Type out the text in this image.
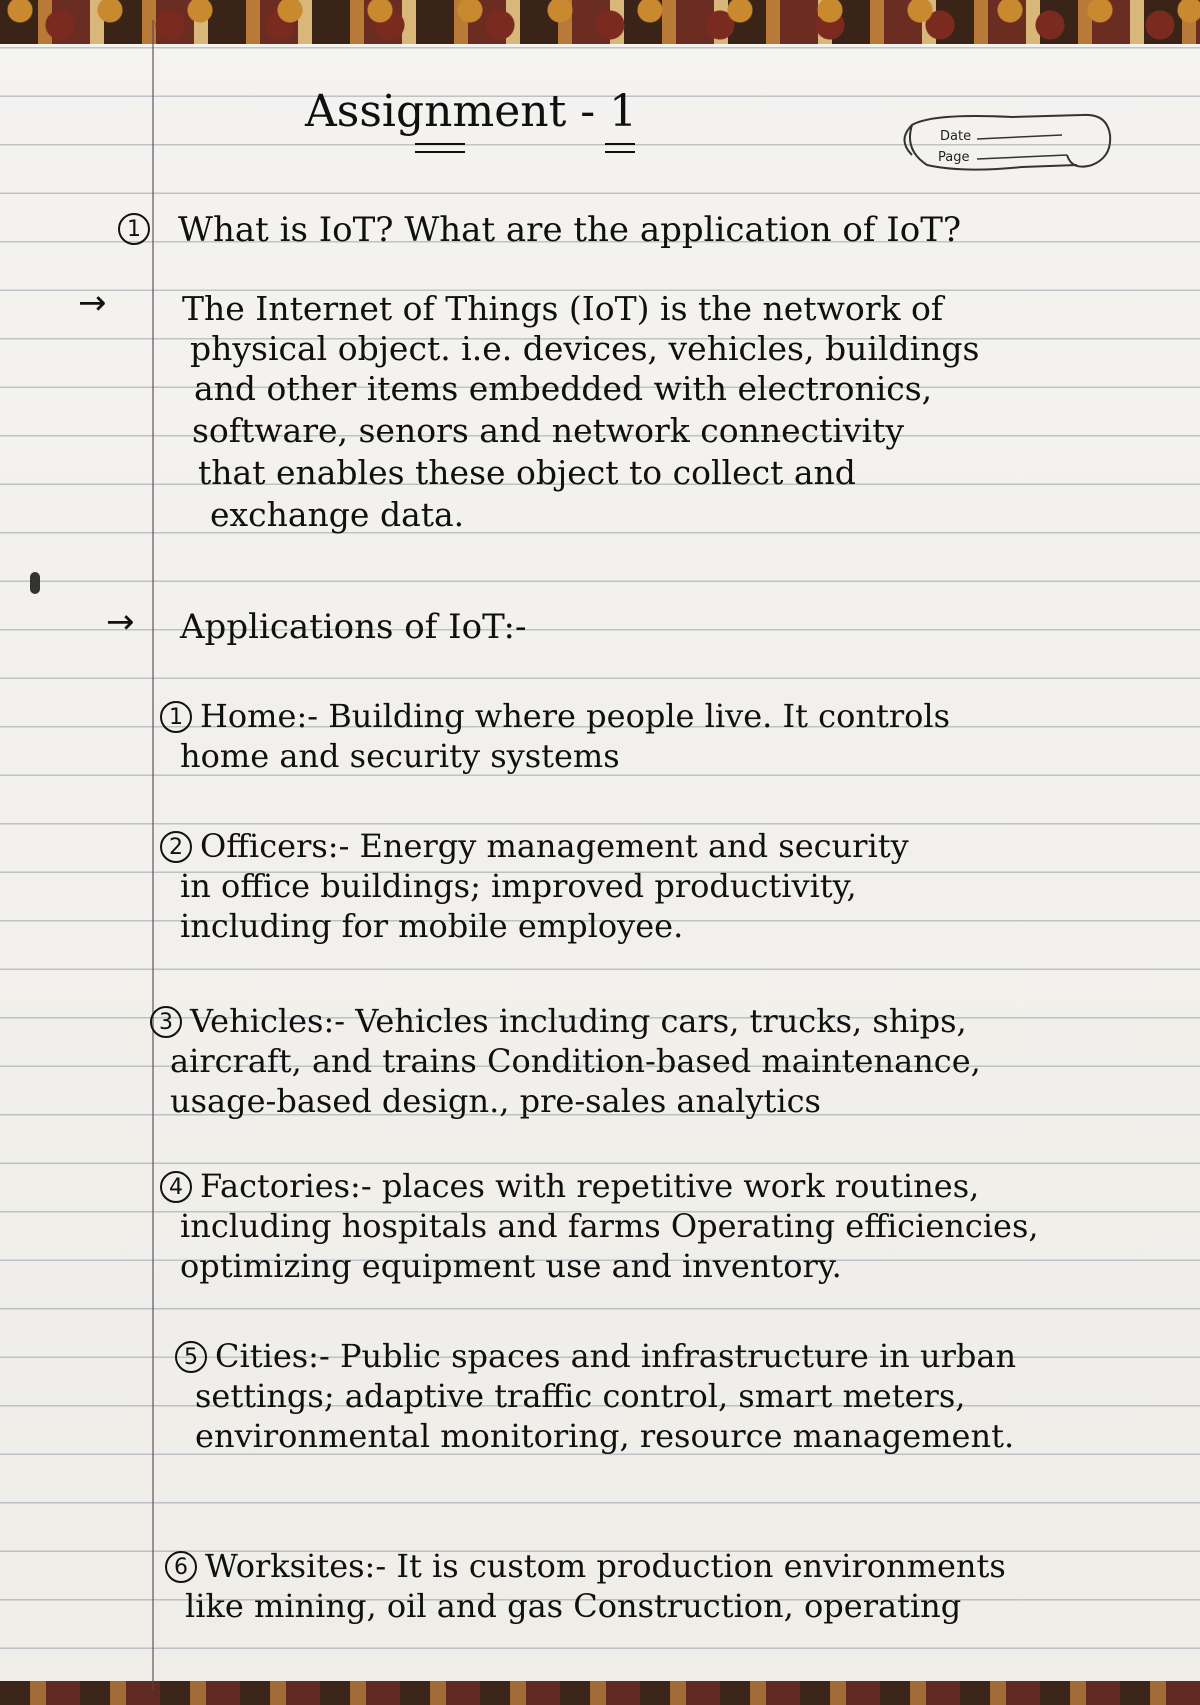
Date
Page
Assignment - 1
1 What is IoT? What are the application of IoT?
→ The Internet of Things (IoT) is the network of
physical object. i.e. devices, vehicles, buildings
and other items embedded with electronics,
software, senors and network connectivity
that enables these object to collect and
exchange data.
→ Applications of IoT:-
1 Home:- Building where people live. It controls
home and security systems
2 Officers:- Energy management and security
in office buildings; improved productivity,
including for mobile employee.
3 Vehicles:- Vehicles including cars, trucks, ships,
aircraft, and trains Condition-based maintenance,
usage-based design., pre-sales analytics
4 Factories:- places with repetitive work routines,
including hospitals and farms Operating efficiencies,
optimizing equipment use and inventory.
5 Cities:- Public spaces and infrastructure in urban
settings; adaptive traffic control, smart meters,
environmental monitoring, resource management.
6 Worksites:- It is custom production environments
like mining, oil and gas Construction, operating
